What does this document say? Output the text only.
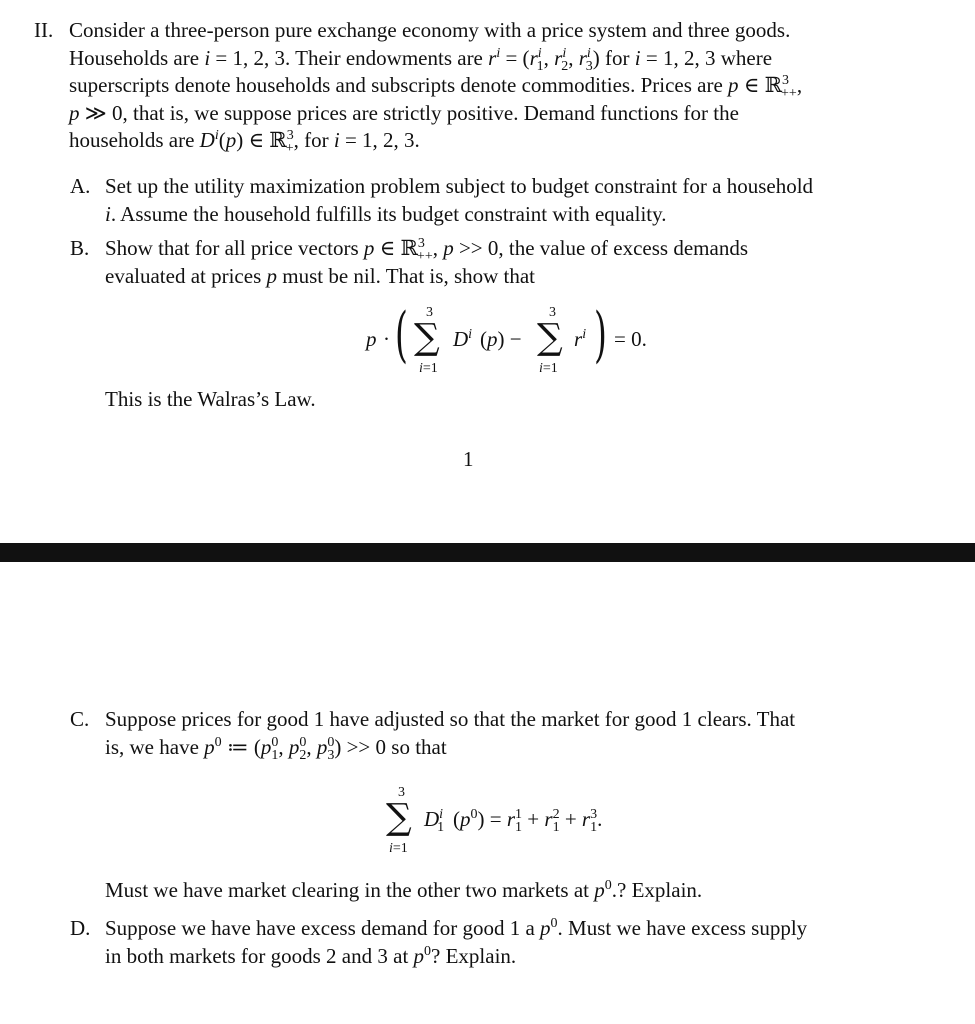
II. Consider a three-person pure exchange economy with a price system and three goods.
Households are i = 1, 2, 3. Their endowments are $r^i = (r^i_1$, $r^i_2$, $r^i_3$) for i = 1, 2, 3 where
superscripts denote households and subscripts denote commodities. Prices are p ∈ ℝ$^3_{++}$,
p ≫ 0, that is, we suppose prices are strictly positive. Demand functions for the
households are $D^i(p)$ ∈ ℝ$^3_+$, for i = 1, 2, 3.
A. Set up the utility maximization problem subject to budget constraint for a household
i. Assume the household fulfills its budget constraint with equality.
B. Show that for all price vectors p ∈ ℝ$^3_{++}$, p >> 0, the value of excess demands
evaluated at prices p must be nil. That is, show that
p · ( 3
∑
i=1
$D^i$ (p) −
3
∑
i=1
$r^i$ ) = 0.
This is the Walras’s Law.
1
C. Suppose prices for good 1 have adjusted so that the market for good 1 clears. That
is, we have $p^0$ ≔ ($p^0_1$, $p^0_2$, $p^0_3) >> 0$ so that
3
∑
i=1
$D^i_1$ $(p^0) = r^1_1 + r^2_1 + r^3_1$.
Must we have market clearing in the other two markets at $p^0$.? Explain.
D. Suppose we have have excess demand for good 1 a $p^0$. Must we have excess supply
in both markets for goods 2 and 3 at $p^0$? Explain.
